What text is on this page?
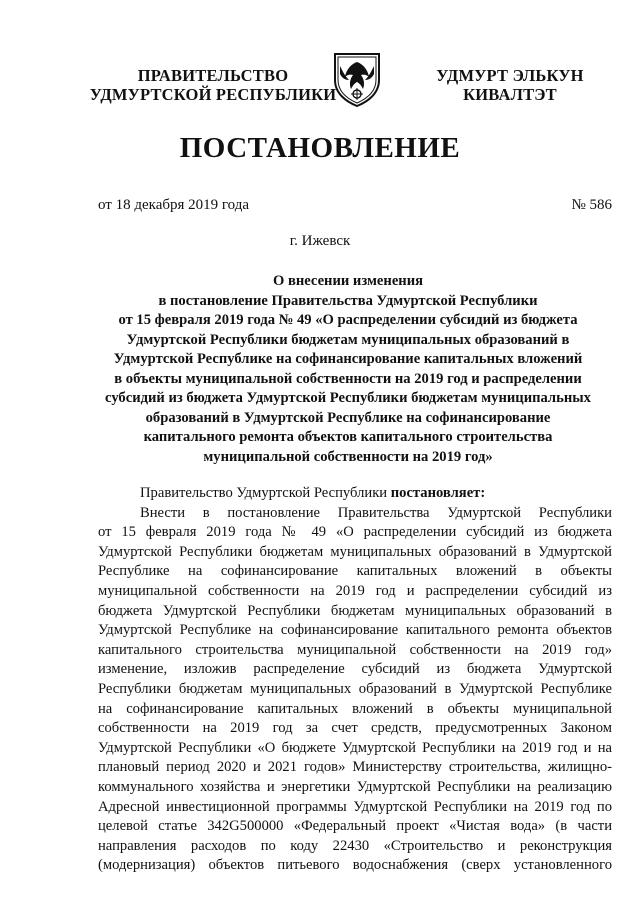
ПРАВИТЕЛЬСТВО
УДМУРТСКОЙ РЕСПУБЛИКИ
УДМУРТ ЭЛЬКУН
КИВАЛТЭТ
ПОСТАНОВЛЕНИЕ
от 18 декабря 2019 года	№ 586
г. Ижевск
О внесении изменения
в постановление Правительства Удмуртской Республики
от 15 февраля 2019 года № 49 «О распределении субсидий из бюджета
Удмуртской Республики бюджетам муниципальных образований в
Удмуртской Республике на софинансирование капитальных вложений
в объекты муниципальной собственности на 2019 год и распределении
субсидий из бюджета Удмуртской Республики бюджетам муниципальных
образований в Удмуртской Республике на софинансирование
капитального ремонта объектов капитального строительства
муниципальной собственности на 2019 год»
Правительство Удмуртской Республики постановляет:
Внести в постановление Правительства Удмуртской Республики
от 15 февраля 2019 года № 49 «О распределении субсидий из бюджета
Удмуртской Республики бюджетам муниципальных образований в Удмуртской
Республике на софинансирование капитальных вложений в объекты
муниципальной собственности на 2019 год и распределении субсидий из
бюджета Удмуртской Республики бюджетам муниципальных образований в
Удмуртской Республике на софинансирование капитального ремонта объектов
капитального строительства муниципальной собственности на 2019 год»
изменение, изложив распределение субсидий из бюджета Удмуртской
Республики бюджетам муниципальных образований в Удмуртской Республике
на софинансирование капитальных вложений в объекты муниципальной
собственности на 2019 год за счет средств, предусмотренных Законом
Удмуртской Республики «О бюджете Удмуртской Республики на 2019 год и на
плановый период 2020 и 2021 годов» Министерству строительства, жилищно-
коммунального хозяйства и энергетики Удмуртской Республики на реализацию
Адресной инвестиционной программы Удмуртской Республики на 2019 год по
целевой статье 342G500000 «Федеральный проект «Чистая вода» (в части
направления расходов по коду 22430 «Строительство и реконструкция
(модернизация) объектов питьевого водоснабжения (сверх установленного
